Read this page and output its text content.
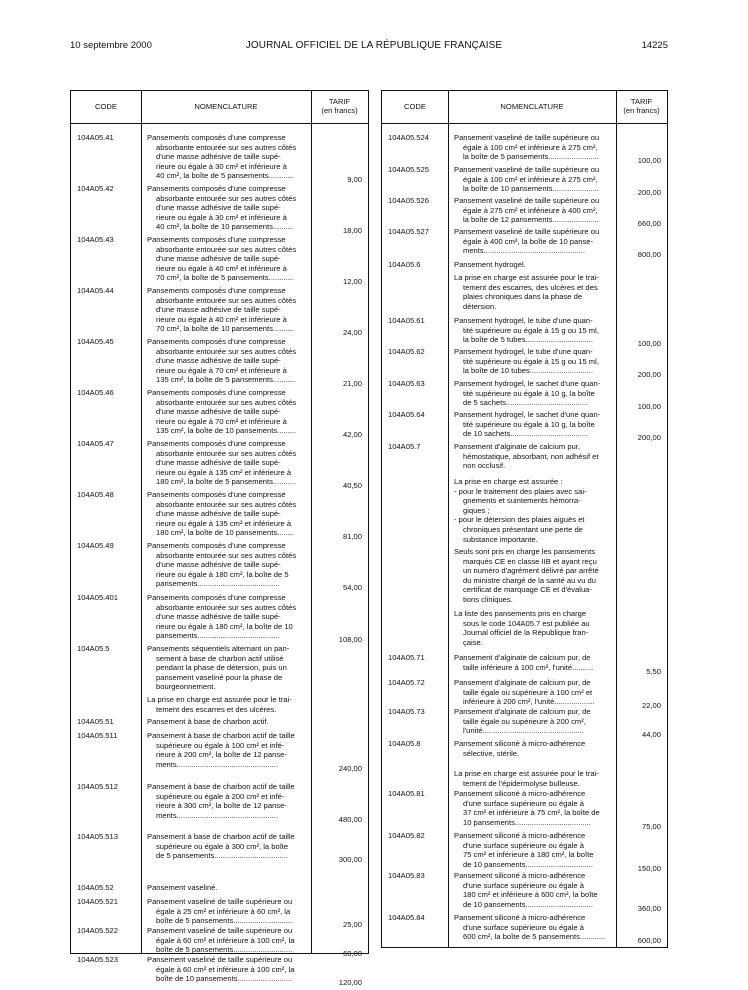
10 septembre 2000	JOURNAL OFFICIEL DE LA RÉPUBLIQUE FRANÇAISE	14225
CODE	NOMENCLATURE
TARIF
(en francs)
104A05.41	Pansements composés d'une compresse
absorbante entourée sur ses autres côtés
d'une masse adhésive de taille supé-
rieure ou égale à 30 cm² et inférieure à
40 cm², la boîte de 5 pansements............	9,00
104A05.42	Pansements composés d'une compresse
absorbante entourée sur ses autres côtés
d'une masse adhésive de taille supé-
rieure ou égale à 30 cm² et inférieure à
40 cm², la boîte de 10 pansements..........	18,00
104A05.43	Pansements composés d'une compresse
absorbante entourée sur ses autres côtés
d'une masse adhésive de taille supé-
rieure ou égale à 40 cm² et inférieure à
70 cm², la boîte de 5 pansements............	12,00
104A05.44	Pansements composés d'une compresse
absorbante entourée sur ses autres côtés
d'une masse adhésive de taille supé-
rieure ou égale à 40 cm² et inférieure à
70 cm², la boîte de 10 pansements..........	24,00
104A05.45	Pansements composés d'une compresse
absorbante entourée sur ses autres côtés
d'une masse adhésive de taille supé-
rieure ou égale à 70 cm² et inférieure à
135 cm², la boîte de 5 pansements...........	21,00
104A05.46	Pansements composés d'une compresse
absorbante entourée sur ses autres côtés
d'une masse adhésive de taille supé-
rieure ou égale à 70 cm² et inférieure à
135 cm², la boîte de 10 pansements.........	42,00
104A05.47	Pansements composés d'une compresse
absorbante entourée sur ses autres côtés
d'une masse adhésive de taille supé-
rieure ou égale à 135 cm² et inférieure à
180 cm², la boîte de 5 pansements...........	40,50
104A05.48	Pansements composés d'une compresse
absorbante entourée sur ses autres côtés
d'une masse adhésive de taille supé-
rieure ou égale à 135 cm² et inférieure à
180 cm², la boîte de 10 pansements........	81,00
104A05.49	Pansements composés d'une compresse
absorbante entourée sur ses autres côtés
d'une masse adhésive de taille supé-
rieure ou égale à 180 cm², la boîte de 5
pansements.......................................	54,00
104A05.401	Pansements composés d'une compresse
absorbante entourée sur ses autres côtés
d'une masse adhésive de taille supé-
rieure ou égale à 180 cm², la boîte de 10
pansements.......................................	108,00
104A05.5	Pansements séquentiels alternant un pan-
sement à base de charbon actif utilisé
pendant la phase de détersion, puis un
pansement vaseliné pour la phase de
bourgeonnement.
La prise en charge est assurée pour le trai-
tement des escarres et des ulcères.
104A05.51	Pansement à base de charbon actif.
104A05.511	Pansement à base de charbon actif de taille
supérieure ou égale à 100 cm² et infé-
rieure à 200 cm², la boîte de 12 panse-
ments................................................	240,00
104A05.512	Pansement à base de charbon actif de taille
supérieure ou égale à 200 cm² et infé-
rieure à 300 cm², la boîte de 12 panse-
ments................................................	480,00
104A05.513	Pansement à base de charbon actif de taille
supérieure ou égale à 300 cm², la boîte
de 5 pansements...................................	300,00
104A05.52	Pansement vaseliné.
104A05.521	Pansement vaseliné de taille supérieure ou
égale à 25 cm² et inférieure à 60 cm², la
boîte de 5 pansements............................	25,00
104A05.522	Pansement vaseliné de taille supérieure ou
égale à 60 cm² et inférieure à 100 cm², la
boîte de 5 pansements............................	60,00
104A05.523	Pansement vaseliné de taille supérieure ou
égale à 60 cm² et inférieure à 100 cm², la
boîte de 10 pansements..........................	120,00
CODE	NOMENCLATURE
TARIF
(en francs)
104A05.524	Pansement vaseliné de taille supérieure ou
égale à 100 cm² et inférieure à 275 cm²,
la boîte de 5 pansements........................	100,00
104A05.525	Pansement vaseliné de taille supérieure ou
égale à 100 cm² et inférieure à 275 cm²,
la boîte de 10 pansements......................	200,00
104A05.526	Pansement vaseliné de taille supérieure ou
égale à 275 cm² et inférieure à 400 cm²,
la boîte de 12 pansements......................	660,00
104A05.527	Pansement vaseliné de taille supérieure ou
égale à 400 cm², la boîte de 10 panse-
ments................................................	800,00
104A05.6	Pansement hydrogel.
La prise en charge est assurée pour le trai-
tement des escarres, des ulcères et des
plaies chroniques dans la phase de
détersion.
104A05.61	Pansement hydrogel, le tube d'une quan-
tité supérieure ou égale à 15 g ou 15 ml,
la boîte de 5 tubes................................	100,00
104A05.62	Pansement hydrogel, le tube d'une quan-
tité supérieure ou égale à 15 g ou 15 ml,
la boîte de 10 tubes..............................	200,00
104A05.63	Pansement hydrogel, le sachet d'une quan-
tité supérieure ou égale à 10 g, la boîte
de 5 sachets.......................................	100,00
104A05.64	Pansement hydrogel, le sachet d'une quan-
tité supérieure ou égale à 10 g, la boîte
de 10 sachets.....................................	200,00
104A05.7	Pansement d'alginate de calcium pur,
hémostatique, absorbant, non adhésif et
non occlusif.
La prise en charge est assurée :
- pour le traitement des plaies avec sai-
gnements et suintements hémorra-
giques ;
- pour le détersion des plaies aiguës et
chroniques présentant une perte de
substance importante.
Seuls sont pris en charge les pansements
marqués CE en classe IIB et ayant reçu
un numéro d'agrément délivré par arrêté
du ministre chargé de la santé au vu du
certificat de marquage CE et d'évalua-
tions cliniques.
La liste des pansements pris en charge
sous le code 104A05.7 est publiée au
Journal officiel de la République fran-
çaise.
104A05.71	Pansement d'alginate de calcium pur, de
taille inférieure à 100 cm², l'unité..........	5,50
104A05.72	Pansement d'alginate de calcium pur, de
taille égale ou supérieure à 100 cm² et
inférieure à 200 cm², l'unité...................	22,00
104A05.73	Pansement d'alginate de calcium pur, de
taille égale ou supérieure à 200 cm²,
l'unité................................................	44,00
104A05.8	Pansement siliconé à micro-adhérence
sélective, stérile.
La prise en charge est assurée pour le trai-
tement de l'épidermolyse bulleuse.
104A05.81	Pansement siliconé à micro-adhérence
d'une surface supérieure ou égale à
37 cm² et inférieure à 75 cm², la boîte de
10 pansements....................................	75,00
104A05.82	Pansement siliconé à micro-adhérence
d'une surface supérieure ou égale à
75 cm² et inférieure à 180 cm², la boîte
de 10 pansements................................	150,00
104A05.83	Pansement siliconé à micro-adhérence
d'une surface supérieure ou égale à
180 cm² et inférieure à 600 cm², la boîte
de 10 pansements................................	360,00
104A05.84	Pansement siliconé à micro-adhérence
d'une surface supérieure ou égale à
600 cm², la boîte de 5 pansements............	600,00
